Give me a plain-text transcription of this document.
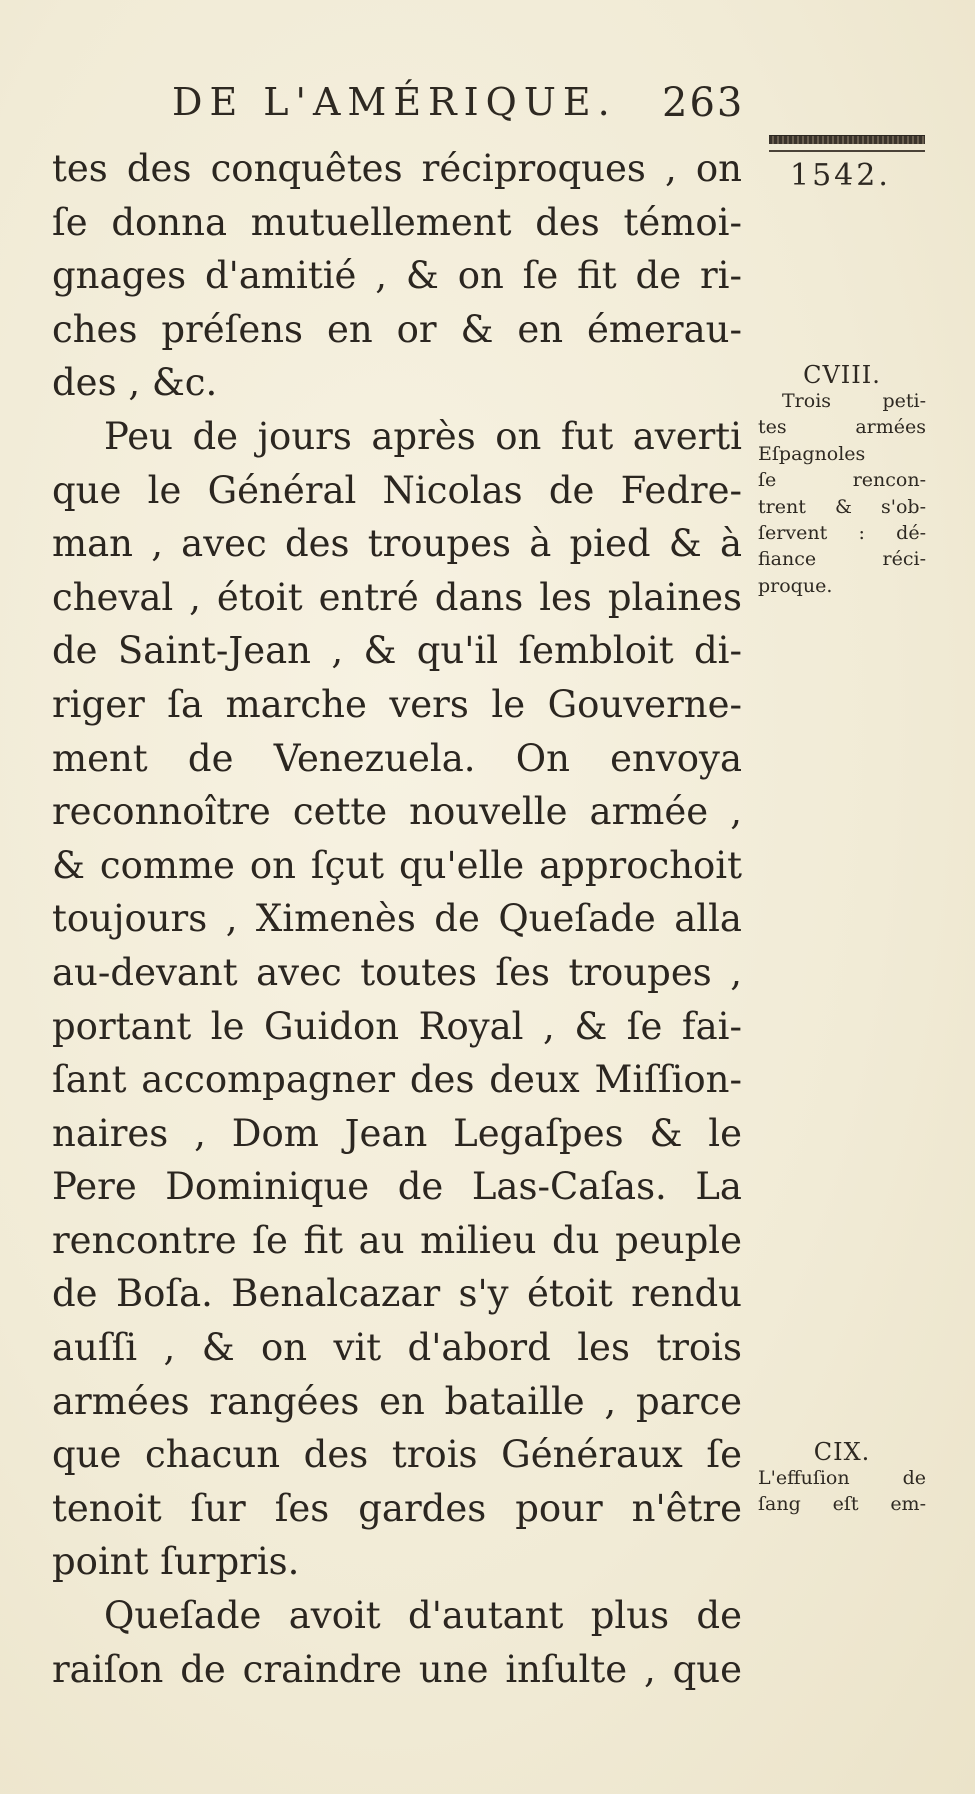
DE L'AMÉRIQUE. 263
1542.
tes des conquêtes réciproques , on
ſe donna mutuellement des témoi-
gnages d'amitié , & on ſe fit de ri-
ches préſens en or & en émerau-
des , &c.
Peu de jours après on fut averti
que le Général Nicolas de Fedre-
man , avec des troupes à pied & à
cheval , étoit entré dans les plaines
de Saint-Jean , & qu'il ſembloit di-
riger ſa marche vers le Gouverne-
ment de Venezuela. On envoya
reconnoître cette nouvelle armée ,
& comme on ſçut qu'elle approchoit
toujours , Ximenès de Queſade alla
au-devant avec toutes ſes troupes ,
portant le Guidon Royal , & ſe fai-
ſant accompagner des deux Miſſion-
naires , Dom Jean Legaſpes & le
Pere Dominique de Las-Caſas. La
rencontre ſe fit au milieu du peuple
de Boſa. Benalcazar s'y étoit rendu
auſſi , & on vit d'abord les trois
armées rangées en bataille , parce
que chacun des trois Généraux ſe
tenoit ſur ſes gardes pour n'être
point ſurpris.
Queſade avoit d'autant plus de
raiſon de craindre une inſulte , que
CVIII.
Trois peti-
tes armées
Eſpagnoles
ſe rencon-
trent & s'ob-
ſervent : dé-
fiance réci-
proque.
CIX.
L'effuſion de
ſang eſt em-
